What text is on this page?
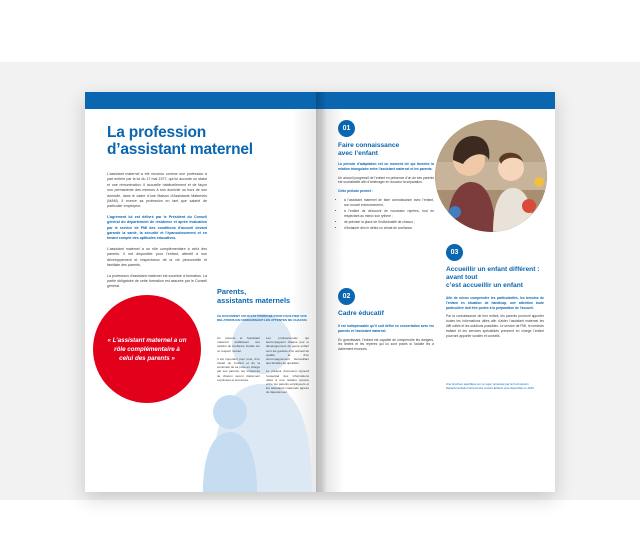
La profession
d’assistant maternel

L’assistant maternel a été reconnu comme une profession à part entière par la loi du 17 mai 1977, qui lui accorde un statut et une rémunération. Il accueille habituellement et de façon non permanente des mineurs à son domicile ou hors de son domicile, dans le cadre d’une Maison d’Assistants Maternels (MAM). Il exerce sa profession en tant que salarié de particulier employeur.

L’agrément lui est délivré par le Président du Conseil général du département de résidence et après évaluation par le service de PMI des conditions d’accueil devant garantir la santé, la sécurité et l’épanouissement et en tenant compte des aptitudes éducatives.

L’assistant maternel a un rôle complémentaire à celui des parents. Il est disponible pour l’enfant, attentif à son développement et respectueux de la vie personnelle et familiale des parents.

La profession d’assistant maternel est soumise à formation. La partie obligatoire de cette formation est assurée par le Conseil général.

« L’assistant maternel a un rôle complémentaire à celui des parents »
Parents,
assistants maternels
CE DOCUMENT VOUS EST PROPOSÉ POUR FACILITER VOS RELATIONS EN CONNAISSANT LES ATTENTES DE CHACUN.

Un parents et l’assistant maternel établissent une relation de confiance fondée sur un respect mutuel.

Il est important pour tous, d’un travail de l’enfant et de la continuité de sa prise en charge par ses parents, les exigences de chacun seront clairement exprimées et énoncées.

Les professionnels qui accompagnent chaque jour le développement du jeune enfant sont les garants d’un accueil de qualité et d’un accompagnement bienveillant des familles au quotidien.

Le présent document reprend l’essentiel des informations utiles à une relation sereine entre les parents employeurs et les assistants maternels agréés du département.

01
Faire connaissance
avec l’enfant

La période d’adaptation est un moment clé qui favorise la relation triangulaire entre l’assistant maternel et les parents.

Un accueil progressif de l’enfant en présence d’un de ses parents est souhaitable afin d’aménager en douceur la séparation.

Cette période permet :

• à l’assistant maternel de faire connaissance avec l’enfant, son nouvel environnement,
• à l’enfant de découvrir de nouveaux repères, tout en respectant au mieux son rythme ;
• de préciser la place de l’individualité de chacun ;
• d’instaurer dès le début un climat de confiance.
02
Cadre éducatif

Il est indispensable qu’il soit défini en concertation avec les parents et l’assistant maternel.

En grandissant, l’enfant est capable de comprendre les dangers, les limites et les repères qui lui sont posés si l’adulte les a clairement énoncés.

03
Accueillir un enfant différent :
avant tout
c’est accueillir un enfant

Afin de mieux comprendre les particularités, les besoins de l’enfant en situation de handicap, une attention toute particulière doit être portée à la préparation de l’accueil.

Par la connaissance de leur enfant, les parents pourront apporter toutes les informations utiles afin d’aider l’assistant maternel les diffi cultés et les solutions possibles. Le service de PMI, le médecin traitant et les services spécialisés prennent en charge l’enfant pourront apporter soutien et conseils.

Une brochure spécifique sur ce sujet, proposée par la Commission Départementale d’Accueil des Jeunes Enfants sera disponible en 2015.
